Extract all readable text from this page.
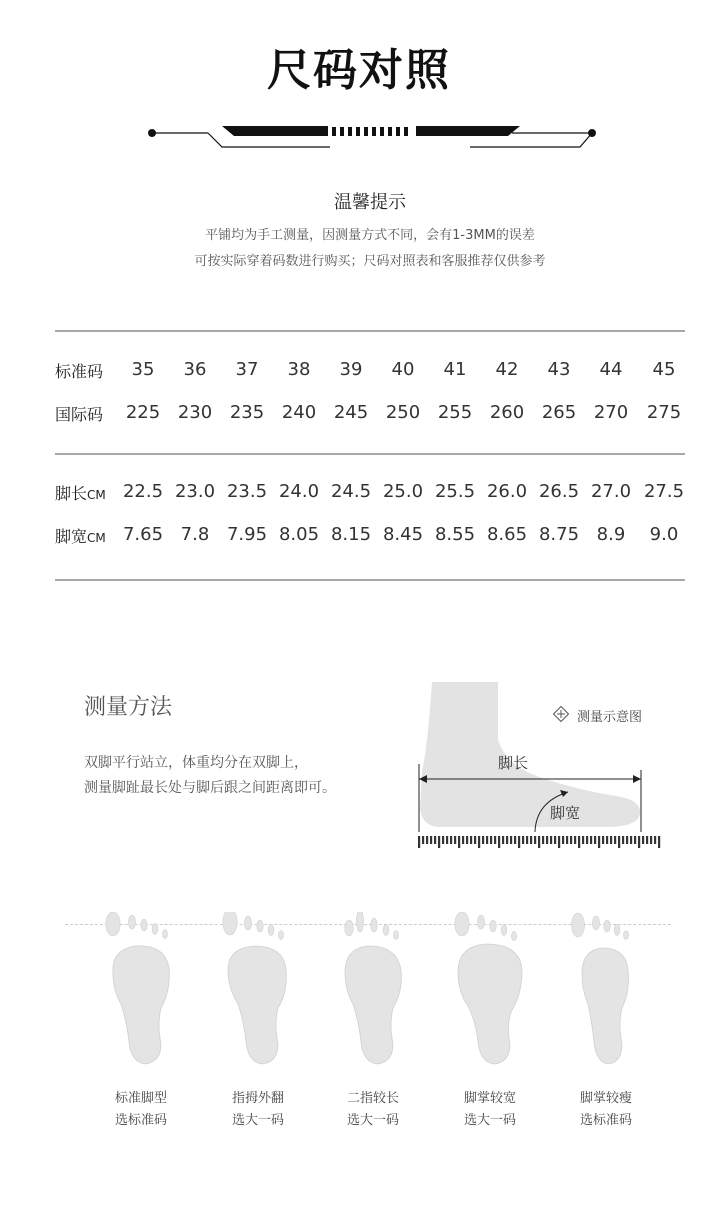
尺码对照
温馨提示
平铺均为手工测量，因测量方式不同，会有1-3MM的误差
可按实际穿着码数进行购买；尺码对照表和客服推荐仅供参考
标准码	35	36	37	38	39	40	41	42	43	44	45
国际码	225 230 235 240 245 250 255 260 265 270	275
脚长CM 22.5 23.0 23.5 24.0 24.5 25.0 25.5 26.0 26.5 27.0 27.5
脚宽CM 7.65 7.8 7.95 8.05 8.15 8.45 8.55 8.65 8.75 8.9	9.0
测量方法
双脚平行站立，体重均分在双脚上，
测量脚趾最长处与脚后跟之间距离即可。
测量示意图
脚长
脚宽
标准脚型
选标准码
指拇外翻
选大一码
二指较长
选大一码
脚掌较宽
选大一码
脚掌较瘦
选标准码
